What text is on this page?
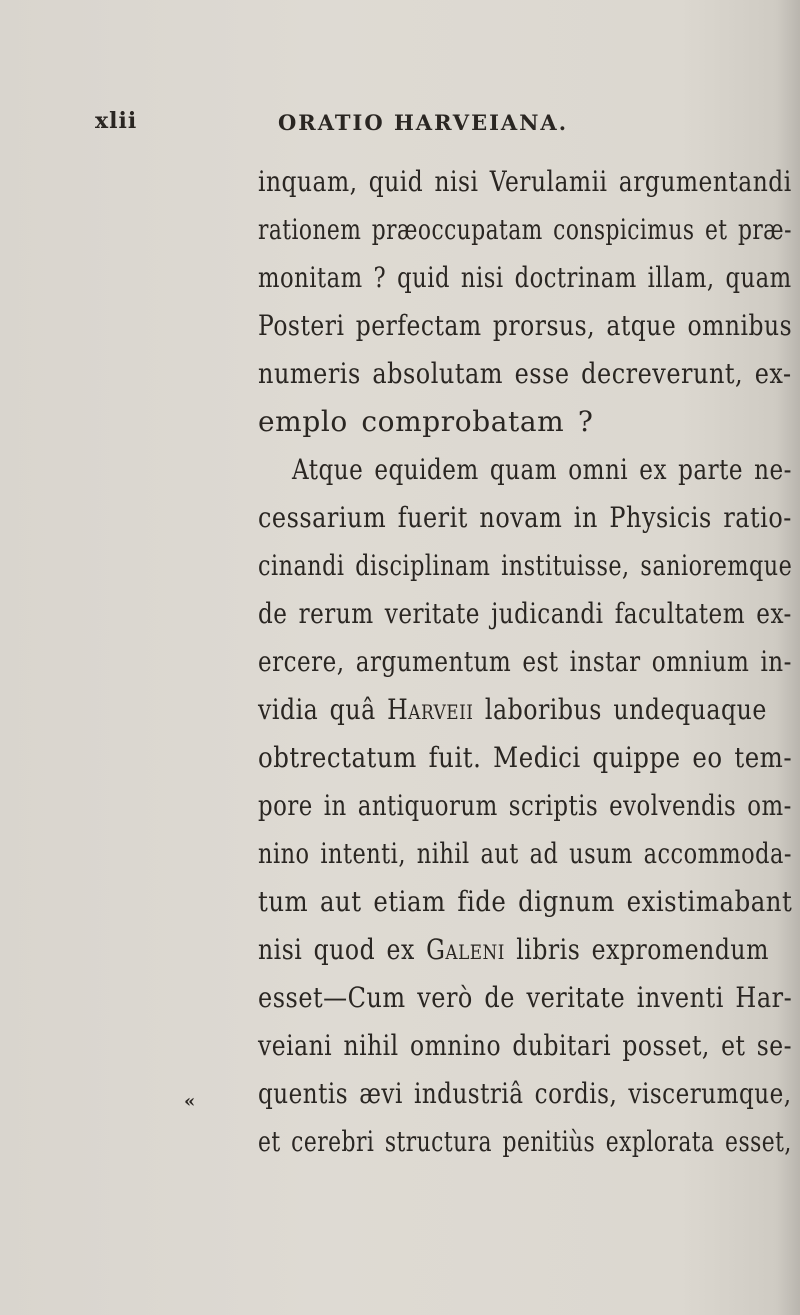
xlii	ORATIO HARVEIANA.
«
inquam, quid nisi Verulamii argumentandi
rationem præoccupatam conspicimus et præ-
monitam ? quid nisi doctrinam illam, quam
Posteri perfectam prorsus, atque omnibus
numeris absolutam esse decreverunt, ex-
emplo comprobatam ?
Atque equidem quam omni ex parte ne-
cessarium fuerit novam in Physicis ratio-
cinandi disciplinam instituisse, sanioremque
de rerum veritate judicandi facultatem ex-
ercere, argumentum est instar omnium in-
vidia quâ Harveii laboribus undequaque
obtrectatum fuit. Medici quippe eo tem-
pore in antiquorum scriptis evolvendis om-
nino intenti, nihil aut ad usum accommoda-
tum aut etiam fide dignum existimabant
nisi quod ex Galeni libris expromendum
esset—Cum verò de veritate inventi Har-
veiani nihil omnino dubitari posset, et se-
quentis ævi industriâ cordis, viscerumque,
et cerebri structura penitiùs explorata esset,
